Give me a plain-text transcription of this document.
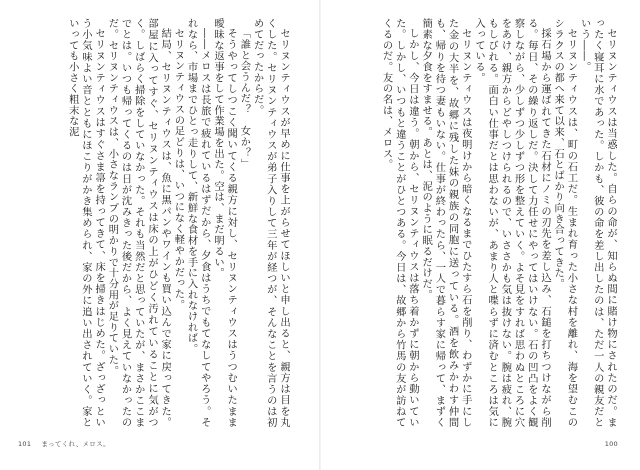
セリヌンティウスが早めに仕事を上がらせてほしいと申し出ると、親方は目を丸くした。セリヌンティウスが弟子入りして三年が経つが、そんなことを言うのは初めてだったからだ。

「誰と会うんだ？　女か？」

そうやってしつこく聞いてくる親方に対し、セリヌンティウスはうつむいたまま曖昧な返事をして作業場を出た。空は、まだ明るい。

――メロスは長旅で疲れているはずだから、夕食はうちでもてなしてやろう。それなら、市場までひとっ走りして、新鮮な食材を手に入れなければ。

セリヌンティウスの足どりは、いつになく軽やかだった。

結局、セリヌンティウスは、魚に黒パンやワインも買い込んで家に戻ってきた。部屋に入ってすぐ、セリヌンティウスは床の上がひどく汚れていることに気がつく。しばらく掃除をしていなかった。それも当然だと思っていたが、まさかここまでとは。いつも帰ってくるのは日が沈みきった後だから、よく見えていなかったのだ。セリヌンティウスは、小さなランプの明かりで十分用が足りていた。

セリヌンティウスはすぐさま箒を持ってきて、床を掃きはじめた。ざっざっという小気味よい音とともにほこりがかき集められ、家の外に追い出されていく。家といっても小さく粗末な泥

101 まってくれ、メロス。

セリヌンティウスは当惑した。自らの命が、知らぬ間に賭け物にされたのだ。まったく寝耳に水であった。しかも、彼の命を差し出したのは、ただ一人の親友だという――。

セリヌンティウスは、町の石工だ。生まれ育った小さな村を離れ、海を望むこのシラクスの都へ来て以来、石とばかり向き合ってきた。

採石場から運ばれてきた石材にノミの刃先を差し込み、石鎚を打ちつけながら削る。毎日、その繰り返しだ。決して力任せにやってはいけない。石の凹凸をよく観察しながら、少しずつ少しずつ形を整えていく。よそ見をすれば思わぬところに穴をあけ、親方からどやしつけられるので、いささかも気は抜けない。腕は疲れ、腕もしびれる。面白い仕事だとは思わないが、あまり人と喋らずに済むところは気に入っている。

セリヌンティウスは夜明けから暗くなるまでひたすら石を削り、わずかに手にした金の大半を、故郷に残した妹の親族の同胞に送っている。酒を飲みかわす仲間も、帰りを待つ妻もいない。仕事が終わったら、一人で暮らす家に帰って、まずく簡素な夕食をすませる。あとは、泥のように眠るだけだ。

しかし、今日は違う。朝から、セリヌンティウスは落ち着かずに朝から動いていた。しかし、いつもと違うことがひとつある。今日は、故郷から竹馬の友が訪ねてくるのだ。友の名は、メロス。

100
